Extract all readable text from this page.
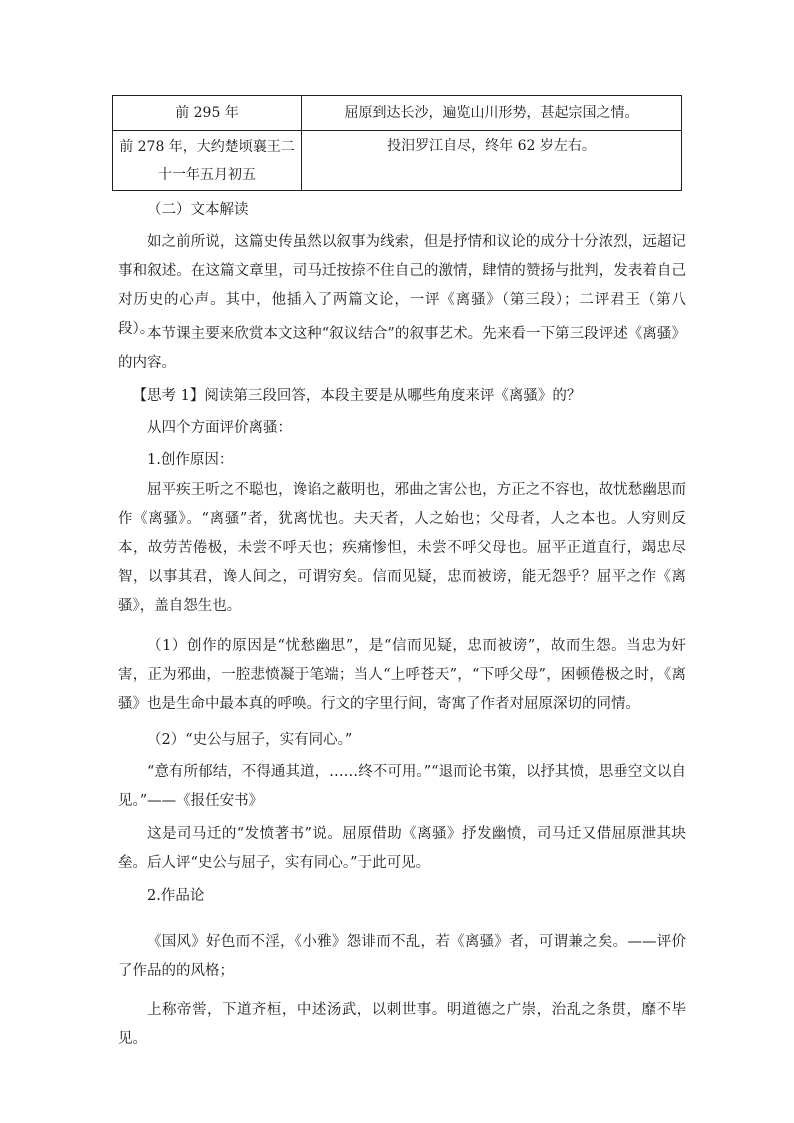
前 295 年	屈原到达长沙，遍览山川形势，甚起宗国之情。
前 278 年，大约楚顷襄王二十一年五月初五	投汨罗江自尽，终年 62 岁左右。

（二）文本解读

如之前所说，这篇史传虽然以叙事为线索，但是抒情和议论的成分十分浓烈，远超记事和叙述。在这篇文章里，司马迁按捺不住自己的激情，肆情的赞扬与批判，发表着自己对历史的心声。其中，他插入了两篇文论，一评《离骚》（第三段）；二评君王（第八段）。

本节课主要来欣赏本文这种“叙议结合”的叙事艺术。先来看一下第三段评述《离骚》的内容。

【思考 1】阅读第三段回答，本段主要是从哪些角度来评《离骚》的？

从四个方面评价离骚：

1.创作原因：

屈平疾王听之不聪也，谗谄之蔽明也，邪曲之害公也，方正之不容也，故忧愁幽思而作《离骚》。“离骚”者，犹离忧也。夫天者，人之始也；父母者，人之本也。人穷则反本，故劳苦倦极，未尝不呼天也；疾痛惨怛，未尝不呼父母也。屈平正道直行，竭忠尽智，以事其君，谗人间之，可谓穷矣。信而见疑，忠而被谤，能无怨乎？屈平之作《离骚》，盖自怨生也。

（1）创作的原因是“忧愁幽思”，是“信而见疑，忠而被谤”，故而生怨。当忠为奸害，正为邪曲，一腔悲愤凝于笔端；当人“上呼苍天”，“下呼父母”，困顿倦极之时，《离骚》也是生命中最本真的呼唤。行文的字里行间，寄寓了作者对屈原深切的同情。

（2）“史公与屈子，实有同心。”

“意有所郁结，不得通其道，……终不可用。”“退而论书策，以抒其愤，思垂空文以自见。”——《报任安书》

这是司马迁的“发愤著书”说。屈原借助《离骚》抒发幽愤，司马迁又借屈原泄其块垒。后人评“史公与屈子，实有同心。”于此可见。

2.作品论

《国风》好色而不淫，《小雅》怨诽而不乱，若《离骚》者，可谓兼之矣。——评价了作品的的风格；

上称帝喾，下道齐桓，中述汤武，以刺世事。明道德之广崇，治乱之条贯，靡不毕见。
